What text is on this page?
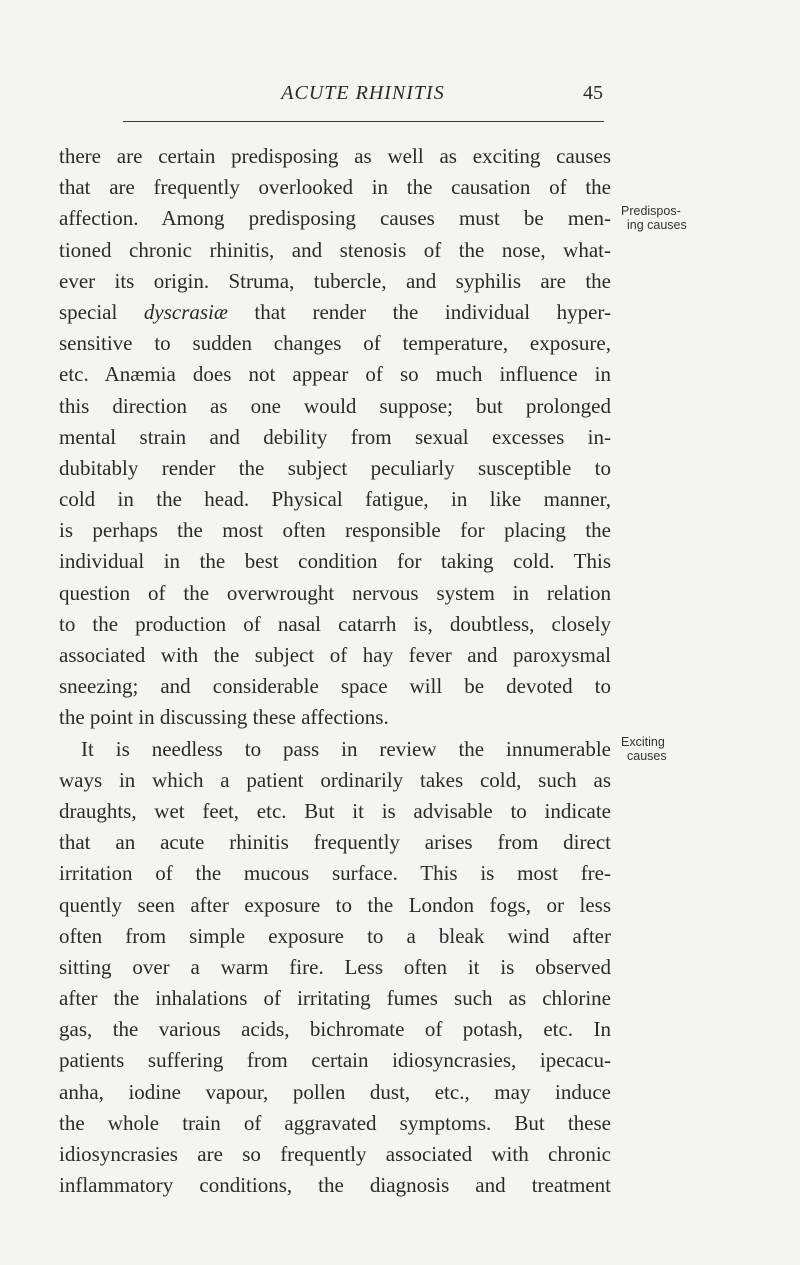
ACUTE RHINITIS	45
there are certain predisposing as well as exciting causes
that are frequently overlooked in the causation of the
affection. Among predisposing causes must be men-
tioned chronic rhinitis, and stenosis of the nose, what-
ever its origin. Struma, tubercle, and syphilis are the
special dyscrasiæ that render the individual hyper-
sensitive to sudden changes of temperature, exposure,
etc. Anæmia does not appear of so much influence in
this direction as one would suppose; but prolonged
mental strain and debility from sexual excesses in-
dubitably render the subject peculiarly susceptible to
cold in the head. Physical fatigue, in like manner,
is perhaps the most often responsible for placing the
individual in the best condition for taking cold. This
question of the overwrought nervous system in relation
to the production of nasal catarrh is, doubtless, closely
associated with the subject of hay fever and paroxysmal
sneezing; and considerable space will be devoted to
the point in discussing these affections.
It is needless to pass in review the innumerable
ways in which a patient ordinarily takes cold, such as
draughts, wet feet, etc. But it is advisable to indicate
that an acute rhinitis frequently arises from direct
irritation of the mucous surface. This is most fre-
quently seen after exposure to the London fogs, or less
often from simple exposure to a bleak wind after
sitting over a warm fire. Less often it is observed
after the inhalations of irritating fumes such as chlorine
gas, the various acids, bichromate of potash, etc. In
patients suffering from certain idiosyncrasies, ipecacu-
anha, iodine vapour, pollen dust, etc., may induce
the whole train of aggravated symptoms. But these
idiosyncrasies are so frequently associated with chronic
inflammatory conditions, the diagnosis and treatment
Predispos-
ing causes
Exciting
causes
